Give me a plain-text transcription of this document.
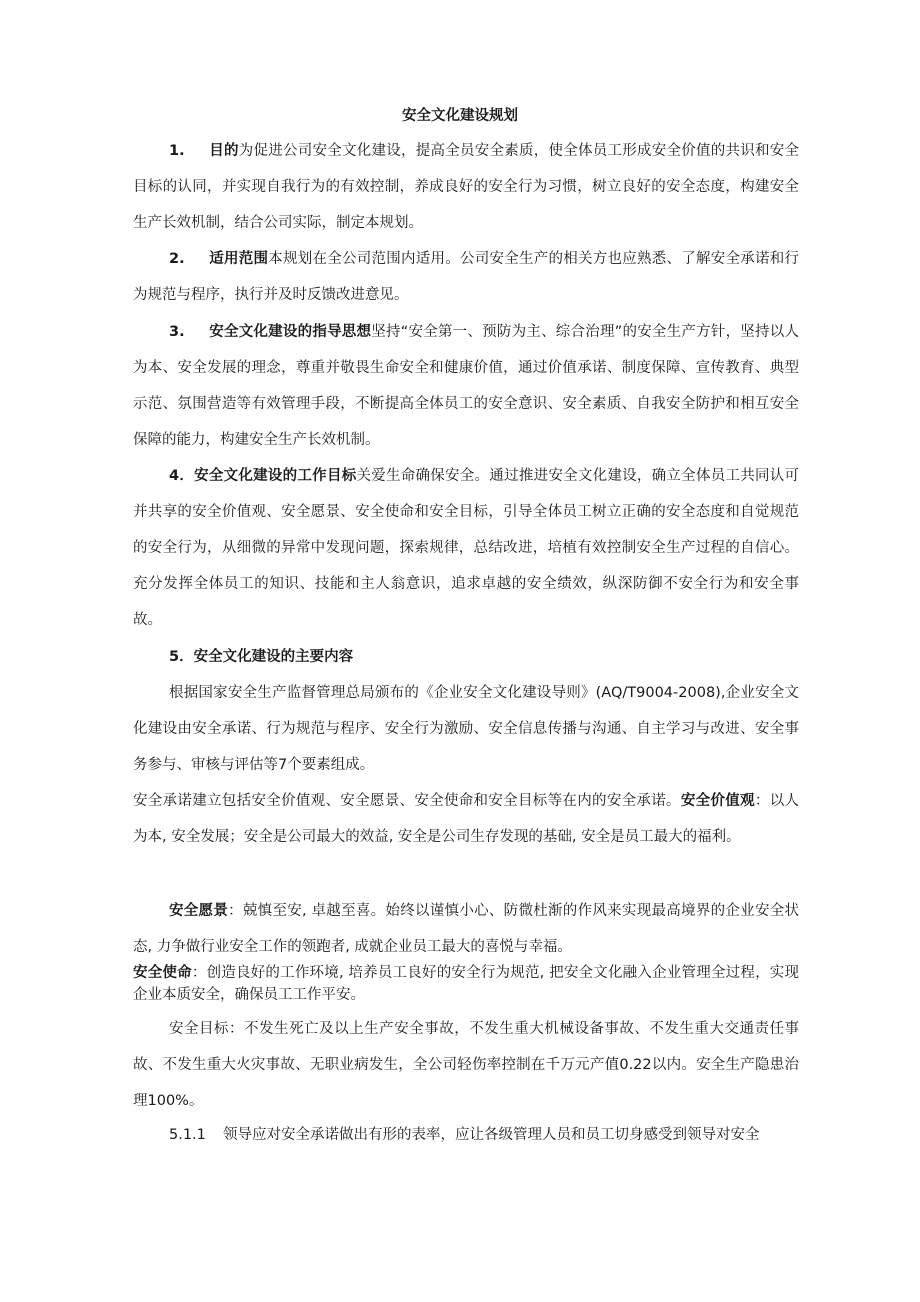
安全文化建设规划
1. 目的为促进公司安全文化建设，提高全员安全素质，使全体员工形成安全价值的共识和安全目标的认同，并实现自我行为的有效控制，养成良好的安全行为习惯，树立良好的安全态度，构建安全生产长效机制，结合公司实际，制定本规划。
2. 适用范围本规划在全公司范围内适用。公司安全生产的相关方也应熟悉、了解安全承诺和行为规范与程序，执行并及时反馈改进意见。
3. 安全文化建设的指导思想坚持“安全第一、预防为主、综合治理”的安全生产方针，坚持以人为本、安全发展的理念，尊重并敬畏生命安全和健康价值，通过价值承诺、制度保障、宣传教育、典型示范、氛围营造等有效管理手段，不断提高全体员工的安全意识、安全素质、自我安全防护和相互安全保障的能力，构建安全生产长效机制。
4．安全文化建设的工作目标关爱生命确保安全。通过推进安全文化建设，确立全体员工共同认可并共享的安全价值观、安全愿景、安全使命和安全目标，引导全体员工树立正确的安全态度和自觉规范的安全行为，从细微的异常中发现问题，探索规律，总结改进，培植有效控制安全生产过程的自信心。充分发挥全体员工的知识、技能和主人翁意识，追求卓越的安全绩效，纵深防御不安全行为和安全事故。
5．安全文化建设的主要内容
根据国家安全生产监督管理总局颁布的《企业安全文化建设导则》(AQ/T9004-2008),企业安全文化建设由安全承诺、行为规范与程序、安全行为激励、安全信息传播与沟通、自主学习与改进、安全事务参与、审核与评估等7个要素组成。
安全承诺建立包括安全价值观、安全愿景、安全使命和安全目标等在内的安全承诺。安全价值观：以人为本, 安全发展；安全是公司最大的效益, 安全是公司生存发现的基础, 安全是员工最大的福利。
安全愿景：兢慎至安, 卓越至喜。始终以谨慎小心、防微杜渐的作风来实现最高境界的企业安全状态, 力争做行业安全工作的领跑者, 成就企业员工最大的喜悦与幸福。
安全使命：创造良好的工作环境, 培养员工良好的安全行为规范, 把安全文化融入企业管理全过程，实现企业本质安全，确保员工工作平安。
安全目标：不发生死亡及以上生产安全事故，不发生重大机械设备事故、不发生重大交通责任事故、不发生重大火灾事故、无职业病发生，全公司轻伤率控制在千万元产值0.22以内。安全生产隐患治理100%。
5.1.1 领导应对安全承诺做出有形的表率，应让各级管理人员和员工切身感受到领导对安全
